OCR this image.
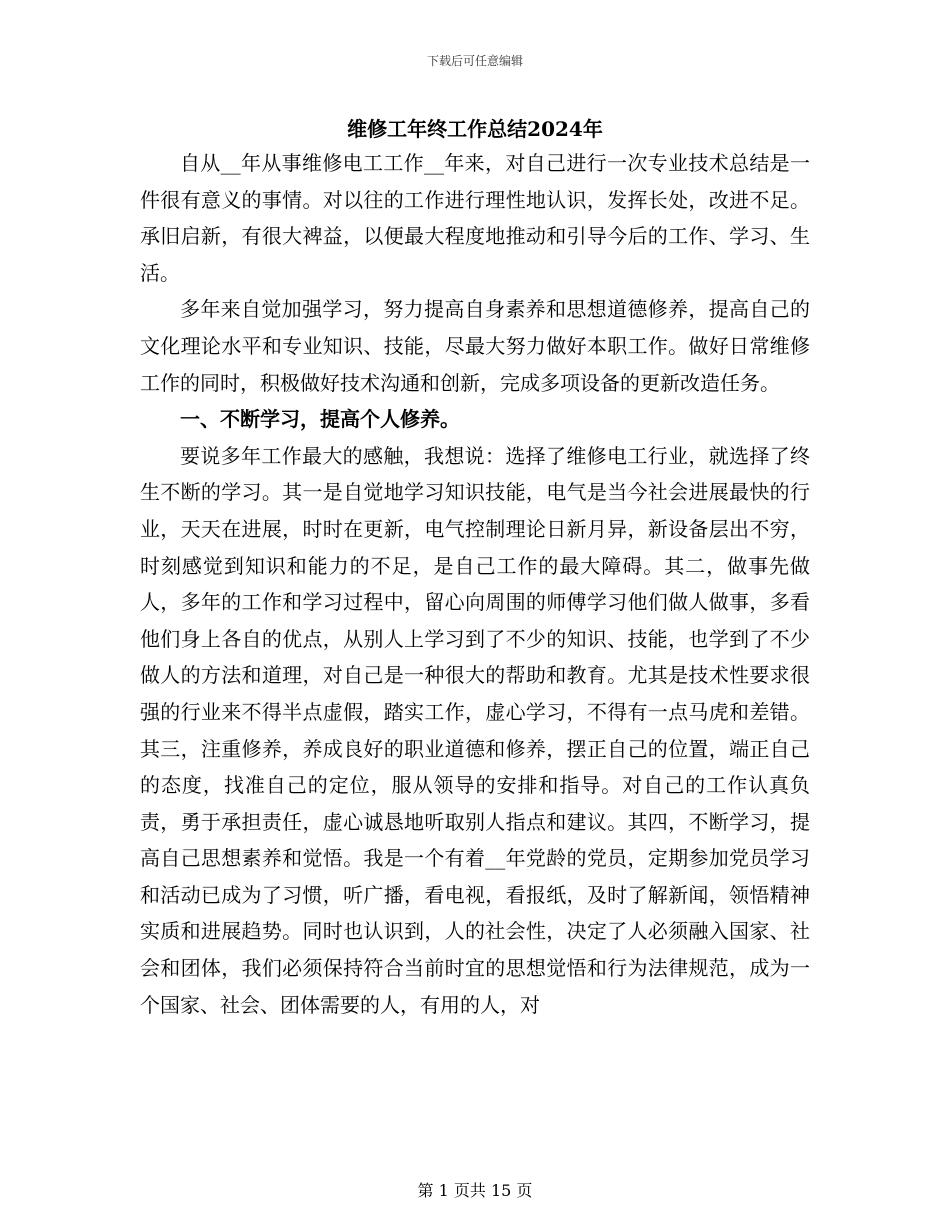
下载后可任意编辑
维修工年终工作总结2024年

自从__年从事维修电工工作__年来，对自己进行一次专业技术总结是一件很有意义的事情。对以往的工作进行理性地认识，发挥长处，改进不足。承旧启新，有很大裨益，以便最大程度地推动和引导今后的工作、学习、生活。

多年来自觉加强学习，努力提高自身素养和思想道德修养，提高自己的文化理论水平和专业知识、技能，尽最大努力做好本职工作。做好日常维修工作的同时，积极做好技术沟通和创新，完成多项设备的更新改造任务。

一、不断学习，提高个人修养。

要说多年工作最大的感触，我想说：选择了维修电工行业，就选择了终生不断的学习。其一是自觉地学习知识技能，电气是当今社会进展最快的行业，天天在进展，时时在更新，电气控制理论日新月异，新设备层出不穷，时刻感觉到知识和能力的不足，是自己工作的最大障碍。其二，做事先做人，多年的工作和学习过程中，留心向周围的师傅学习他们做人做事，多看他们身上各自的优点，从别人上学习到了不少的知识、技能，也学到了不少做人的方法和道理，对自己是一种很大的帮助和教育。尤其是技术性要求很强的行业来不得半点虚假，踏实工作，虚心学习，不得有一点马虎和差错。其三，注重修养，养成良好的职业道德和修养，摆正自己的位置，端正自己的态度，找准自己的定位，服从领导的安排和指导。对自己的工作认真负责，勇于承担责任，虚心诚恳地听取别人指点和建议。其四，不断学习，提高自己思想素养和觉悟。我是一个有着__年党龄的党员，定期参加党员学习和活动已成为了习惯，听广播，看电视，看报纸，及时了解新闻，领悟精神实质和进展趋势。同时也认识到，人的社会性，决定了人必须融入国家、社会和团体，我们必须保持符合当前时宜的思想觉悟和行为法律规范，成为一个国家、社会、团体需要的人，有用的人，对

第 1 页共 15 页
